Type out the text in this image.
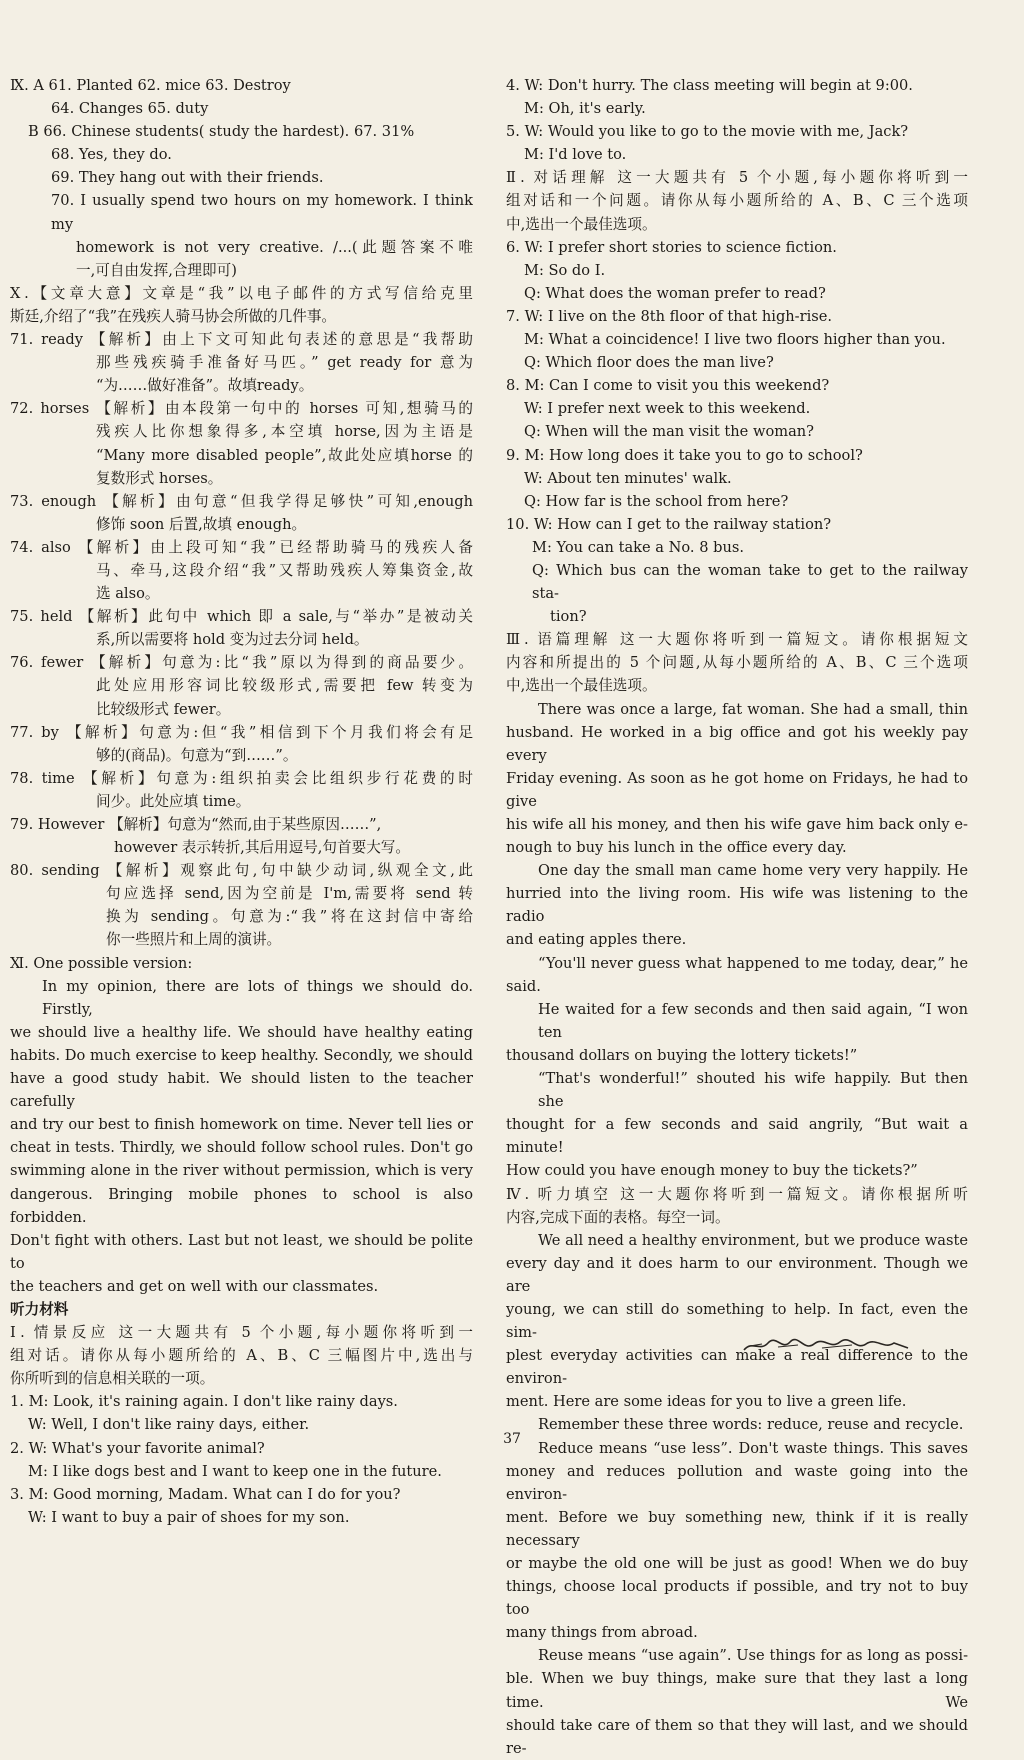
Ⅸ. A 61. Planted 62. mice 63. Destroy
64. Changes 65. duty
B 66. Chinese students( study the hardest). 67. 31%
68. Yes, they do.
69. They hang out with their friends.
70. I usually spend two hours on my homework. I think my
homework is not very creative. /...(此题答案不唯
一,可自由发挥,合理即可)
Ⅹ.【文章大意】文章是“我”以电子邮件的方式写信给克里
斯廷,介绍了“我”在残疾人骑马协会所做的几件事。
71. ready 【解析】由上下文可知此句表述的意思是“我帮助
那些残疾骑手准备好马匹。” get ready for 意为
“为……做好准备”。故填ready。
72. horses 【解析】由本段第一句中的 horses 可知,想骑马的
残疾人比你想象得多,本空填 horse,因为主语是
“Many more disabled people”,故此处应填horse 的
复数形式 horses。
73. enough 【解析】由句意“但我学得足够快”可知,enough
修饰 soon 后置,故填 enough。
74. also 【解析】由上段可知“我”已经帮助骑马的残疾人备
马、牵马,这段介绍“我”又帮助残疾人筹集资金,故
选 also。
75. held 【解析】此句中 which 即 a sale,与“举办”是被动关
系,所以需要将 hold 变为过去分词 held。
76. fewer 【解析】句意为:比“我”原以为得到的商品要少。
此处应用形容词比较级形式,需要把 few 转变为
比较级形式 fewer。
77. by 【解析】句意为:但“我”相信到下个月我们将会有足
够的(商品)。句意为“到……”。
78. time 【解析】句意为:组织拍卖会比组织步行花费的时
间少。此处应填 time。
79. However 【解析】句意为“然而,由于某些原因……”,
however 表示转折,其后用逗号,句首要大写。
80. sending 【解析】观察此句,句中缺少动词,纵观全文,此
句应选择 send,因为空前是 I'm,需要将 send 转
换为 sending。句意为:“我”将在这封信中寄给
你一些照片和上周的演讲。
Ⅺ. One possible version:
In my opinion, there are lots of things we should do. Firstly,
we should live a healthy life. We should have healthy eating
habits. Do much exercise to keep healthy. Secondly, we should
have a good study habit. We should listen to the teacher carefully
and try our best to finish homework on time. Never tell lies or
cheat in tests. Thirdly, we should follow school rules. Don't go
swimming alone in the river without permission, which is very
dangerous. Bringing mobile phones to school is also forbidden.
Don't fight with others. Last but not least, we should be polite to
the teachers and get on well with our classmates.
听力材料
Ⅰ. 情景反应 这一大题共有 5 个小题,每小题你将听到一
组对话。请你从每小题所给的 A、B、C 三幅图片中,选出与
你所听到的信息相关联的一项。
1. M: Look, it's raining again. I don't like rainy days.
W: Well, I don't like rainy days, either.
2. W: What's your favorite animal?
M: I like dogs best and I want to keep one in the future.
3. M: Good morning, Madam. What can I do for you?
W: I want to buy a pair of shoes for my son.
4. W: Don't hurry. The class meeting will begin at 9:00.
M: Oh, it's early.
5. W: Would you like to go to the movie with me, Jack?
M: I'd love to.
Ⅱ. 对话理解 这一大题共有 5 个小题,每小题你将听到一
组对话和一个问题。请你从每小题所给的 A、B、C 三个选项
中,选出一个最佳选项。
6. W: I prefer short stories to science fiction.
M: So do I.
Q: What does the woman prefer to read?
7. W: I live on the 8th floor of that high-rise.
M: What a coincidence! I live two floors higher than you.
Q: Which floor does the man live?
8. M: Can I come to visit you this weekend?
W: I prefer next week to this weekend.
Q: When will the man visit the woman?
9. M: How long does it take you to go to school?
W: About ten minutes' walk.
Q: How far is the school from here?
10. W: How can I get to the railway station?
M: You can take a No. 8 bus.
Q: Which bus can the woman take to get to the railway sta-
tion?
Ⅲ. 语篇理解 这一大题你将听到一篇短文。请你根据短文
内容和所提出的 5 个问题,从每小题所给的 A、B、C 三个选项
中,选出一个最佳选项。
There was once a large, fat woman. She had a small, thin
husband. He worked in a big office and got his weekly pay every
Friday evening. As soon as he got home on Fridays, he had to give
his wife all his money, and then his wife gave him back only e-
nough to buy his lunch in the office every day.
One day the small man came home very very happily. He
hurried into the living room. His wife was listening to the radio
and eating apples there.
“You'll never guess what happened to me today, dear,” he
said.
He waited for a few seconds and then said again, “I won ten
thousand dollars on buying the lottery tickets!”
“That's wonderful!” shouted his wife happily. But then she
thought for a few seconds and said angrily, “But wait a minute!
How could you have enough money to buy the tickets?”
Ⅳ. 听力填空 这一大题你将听到一篇短文。请你根据所听
内容,完成下面的表格。每空一词。
We all need a healthy environment, but we produce waste
every day and it does harm to our environment. Though we are
young, we can still do something to help. In fact, even the sim-
plest everyday activities can make a real difference to the environ-
ment. Here are some ideas for you to live a green life.
Remember these three words: reduce, reuse and recycle.
Reduce means “use less”. Don't waste things. This saves
money and reduces pollution and waste going into the environ-
ment. Before we buy something new, think if it is really necessary
or maybe the old one will be just as good! When we do buy
things, choose local products if possible, and try not to buy too
many things from abroad.
Reuse means “use again”. Use things for as long as possi-
ble. When we buy things, make sure that they last a long time. We
should take care of them so that they will last, and we should re-
37
